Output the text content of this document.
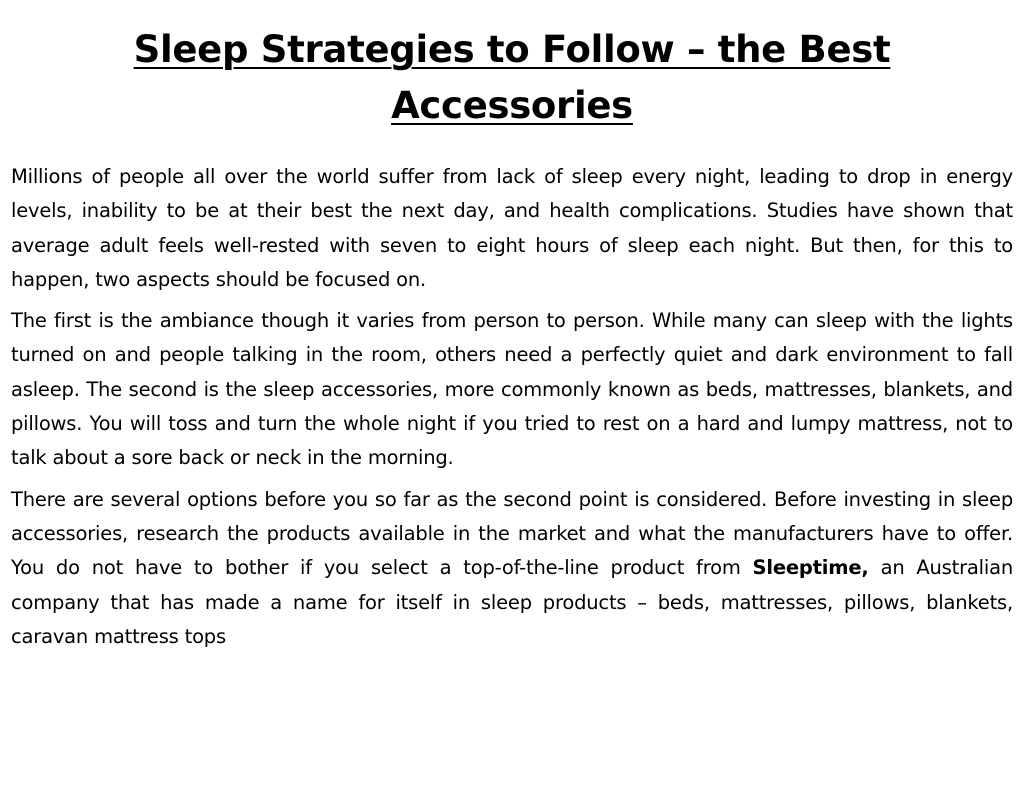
Sleep Strategies to Follow – the Best Accessories

Millions of people all over the world suffer from lack of sleep every night, leading to drop in energy levels, inability to be at their best the next day, and health complications. Studies have shown that average adult feels well-rested with seven to eight hours of sleep each night. But then, for this to happen, two aspects should be focused on.

The first is the ambiance though it varies from person to person. While many can sleep with the lights turned on and people talking in the room, others need a perfectly quiet and dark environment to fall asleep. The second is the sleep accessories, more commonly known as beds, mattresses, blankets, and pillows. You will toss and turn the whole night if you tried to rest on a hard and lumpy mattress, not to talk about a sore back or neck in the morning.

There are several options before you so far as the second point is considered. Before investing in sleep accessories, research the products available in the market and what the manufacturers have to offer. You do not have to bother if you select a top-of-the-line product from Sleeptime, an Australian company that has made a name for itself in sleep products – beds, mattresses, pillows, blankets, caravan mattress tops
